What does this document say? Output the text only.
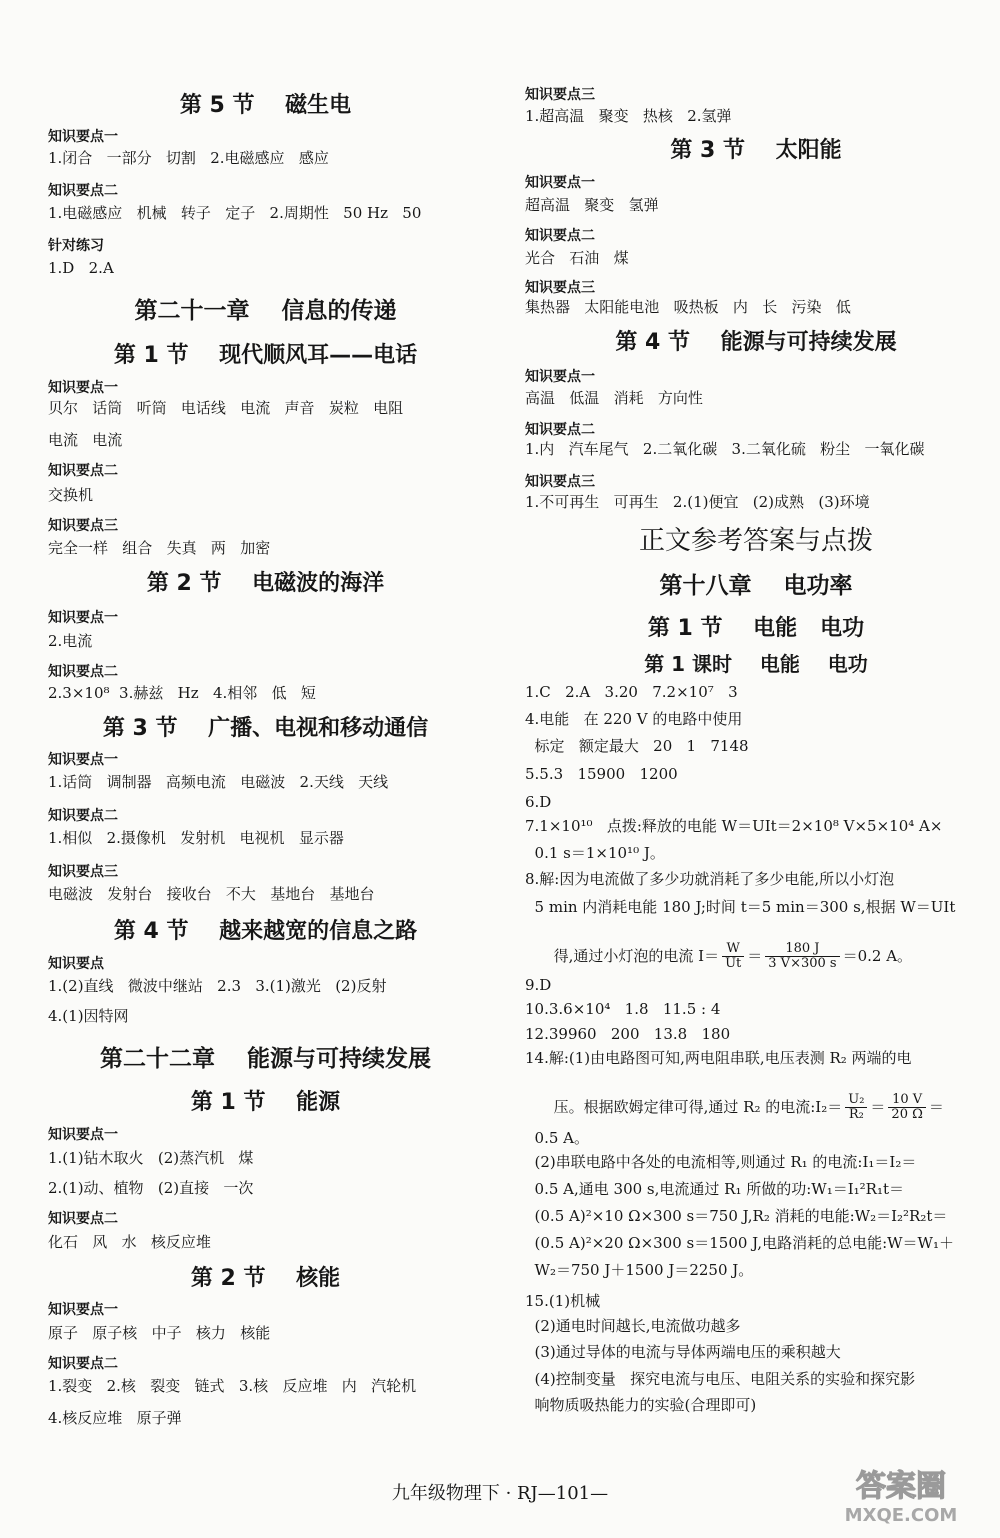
第 5 节    磁生电
知识要点一
1.闭合   一部分   切割   2.电磁感应   感应
知识要点二
1.电磁感应   机械   转子   定子   2.周期性   50 Hz   50
针对练习
1.D   2.A
第二十一章    信息的传递
第 1 节    现代顺风耳——电话
知识要点一
贝尔   话筒   听筒   电话线   电流   声音   炭粒   电阻
电流   电流
知识要点二
交换机
知识要点三
完全一样   组合   失真   两   加密
第 2 节    电磁波的海洋
知识要点一
2.电流
知识要点二
2.3×10⁸  3.赫兹   Hz   4.相邻   低   短
第 3 节    广播、电视和移动通信
知识要点一
1.话筒   调制器   高频电流   电磁波   2.天线   天线
知识要点二
1.相似   2.摄像机   发射机   电视机   显示器
知识要点三
电磁波   发射台   接收台   不大   基地台   基地台
第 4 节    越来越宽的信息之路
知识要点
1.(2)直线   微波中继站   2.3   3.(1)激光   (2)反射
4.(1)因特网
第二十二章    能源与可持续发展
第 1 节    能源
知识要点一
1.(1)钻木取火   (2)蒸汽机   煤
2.(1)动、植物   (2)直接   一次
知识要点二
化石   风   水   核反应堆
第 2 节    核能
知识要点一
原子   原子核   中子   核力   核能
知识要点二
1.裂变   2.核   裂变   链式   3.核   反应堆   内   汽轮机
4.核反应堆   原子弹
知识要点三
1.超高温   聚变   热核   2.氢弹
第 3 节    太阳能
知识要点一
超高温   聚变   氢弹
知识要点二
光合   石油   煤
知识要点三
集热器   太阳能电池   吸热板   内   长   污染   低
第 4 节    能源与可持续发展
知识要点一
高温   低温   消耗   方向性
知识要点二
1.内   汽车尾气   2.二氧化碳   3.二氧化硫   粉尘   一氧化碳
知识要点三
1.不可再生   可再生   2.(1)便宜   (2)成熟   (3)环境
正文参考答案与点拨
第十八章    电功率
第 1 节    电能   电功
第 1 课时    电能    电功
1.C   2.A   3.20   7.2×10⁷   3
4.电能   在 220 V 的电路中使用
标定   额定最大   20   1   7148
5.5.3   15900   1200
6.D
7.1×10¹⁰   点拨:释放的电能 W＝UIt＝2×10⁸ V×5×10⁴ A×
0.1 s＝1×10¹⁰ J。
8.解:因为电流做了多少功就消耗了多少电能,所以小灯泡
5 min 内消耗电能 180 J;时间 t＝5 min＝300 s,根据 W＝UIt

得,通过小灯泡的电流 $I= \frac{W}{Ut} = \frac{180 J}{3 V\times 300 s} =0.2$ A。

9.D
10.3.6×10⁴   1.8   11.5 : 4
12.39960   200   13.8   180
14.解:(1)由电路图可知,两电阻串联,电压表测 R₂ 两端的电

压。根据欧姆定律可得,通过 R₂ 的电流:I₂＝ $\frac{\text{U₂}}{\text{R₂}} = \frac{10 V}{20 \Omega}$ ＝

0.5 A。
(2)串联电路中各处的电流相等,则通过 R₁ 的电流:I₁＝I₂＝
0.5 A,通电 300 s,电流通过 R₁ 所做的功:W₁＝I₁²R₁t＝
(0.5 A)²×10 Ω×300 s＝750 J,R₂ 消耗的电能:W₂＝I₂²R₂t＝
(0.5 A)²×20 Ω×300 s＝1500 J,电路消耗的总电能:W＝W₁＋
W₂＝750 J＋1500 J＝2250 J。
15.(1)机械
(2)通电时间越长,电流做功越多
(3)通过导体的电流与导体两端电压的乘积越大
(4)控制变量   探究电流与电压、电阻关系的实验和探究影
响物质吸热能力的实验(合理即可)
九年级物理下 · RJ—101—	答案圈
MXQE.COM
